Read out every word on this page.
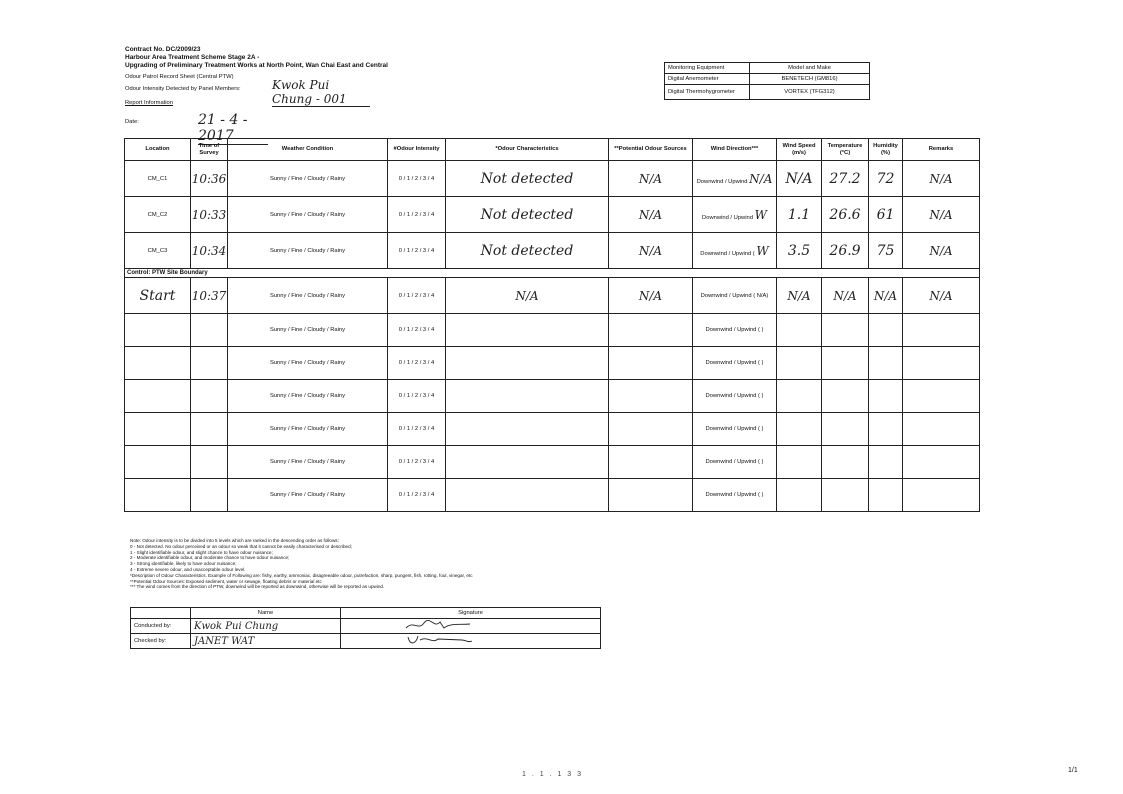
Contract No. DC/2009/23
Harbour Area Treatment Scheme Stage 2A -
Upgrading of Preliminary Treatment Works at North Point, Wan Chai East and Central
Odour Patrol Record Sheet (Central PTW)
Odour Intensity Detected by Panel Members:	Kwok Pui Chung - 001
Report Information
Date:	21 - 4 - 2017
Monitoring Equipment	Model and Make
Digital Anemometer	BENETECH (GM816)
Digital Thermohygrometer	VORTEX (TFG312)
Location	Time of Survey	Weather Condition	#Odour Intensity	*Odour Characteristics	**Potential Odour Sources	Wind Direction***	Wind Speed (m/s)	Temperature (°C)	Humidity (%)	Remarks
CM_C1	10:36	Sunny / Fine / Cloudy / Rainy	0 / 1 / 2 / 3 / 4	Not detected	N/A	Downwind / Upwind N/A	N/A	27.2	72	N/A
CM_C2	10:33	Sunny / Fine / Cloudy / Rainy	0 / 1 / 2 / 3 / 4	Not detected	N/A	Downwind / Upwind W	1.1	26.6	61	N/A
CM_C3	10:34	Sunny / Fine / Cloudy / Rainy	0 / 1 / 2 / 3 / 4	Not detected	N/A	Downwind / Upwind ( W	3.5	26.9	75	N/A
Control: PTW Site Boundary										
Start	10:37	Sunny / Fine / Cloudy / Rainy	0 / 1 / 2 / 3 / 4	N/A	N/A	Downwind / Upwind ( N/A)	N/A	N/A	N/A	N/A
		Sunny / Fine / Cloudy / Rainy	0 / 1 / 2 / 3 / 4			Downwind / Upwind ( )				
		Sunny / Fine / Cloudy / Rainy	0 / 1 / 2 / 3 / 4			Downwind / Upwind ( )				
		Sunny / Fine / Cloudy / Rainy	0 / 1 / 2 / 3 / 4			Downwind / Upwind ( )				
		Sunny / Fine / Cloudy / Rainy	0 / 1 / 2 / 3 / 4			Downwind / Upwind ( )				
		Sunny / Fine / Cloudy / Rainy	0 / 1 / 2 / 3 / 4			Downwind / Upwind ( )				
		Sunny / Fine / Cloudy / Rainy	0 / 1 / 2 / 3 / 4			Downwind / Upwind ( )				
Note: Odour intensity is to be divided into 5 levels which are ranked in the descending order as follows:
0 - Not detected. No odour perceived or an odour so weak that it cannot be easily characterised or described;
1 - Slight identifiable odour, and slight chance to have odour nuisance;
2 - Moderate identifiable odour, and moderate chance to have odour nuisance;
3 - Strong identifiable, likely to have odour nuisance;
4 - Extreme severe odour, and unacceptable odour level.
*Description of Odour Characteristics. Example of Following are: fishy, earthy, ammoniac, disagreeable odour, putrefaction, sharp, pungent, fish, rotting, foul, vinegar, etc
**Potential Odour Sources: Exposed sediment, water or sewage, floating debris or material etc
*** The wind comes from the direction of PTW, downwind will be reported as downwind, otherwise will be reported as upwind.
	Name	Signature
Conducted by:	Kwok Pui Chung	
Checked by:	JANET WAT	
1 . 1 . 1 3 3
1/1
